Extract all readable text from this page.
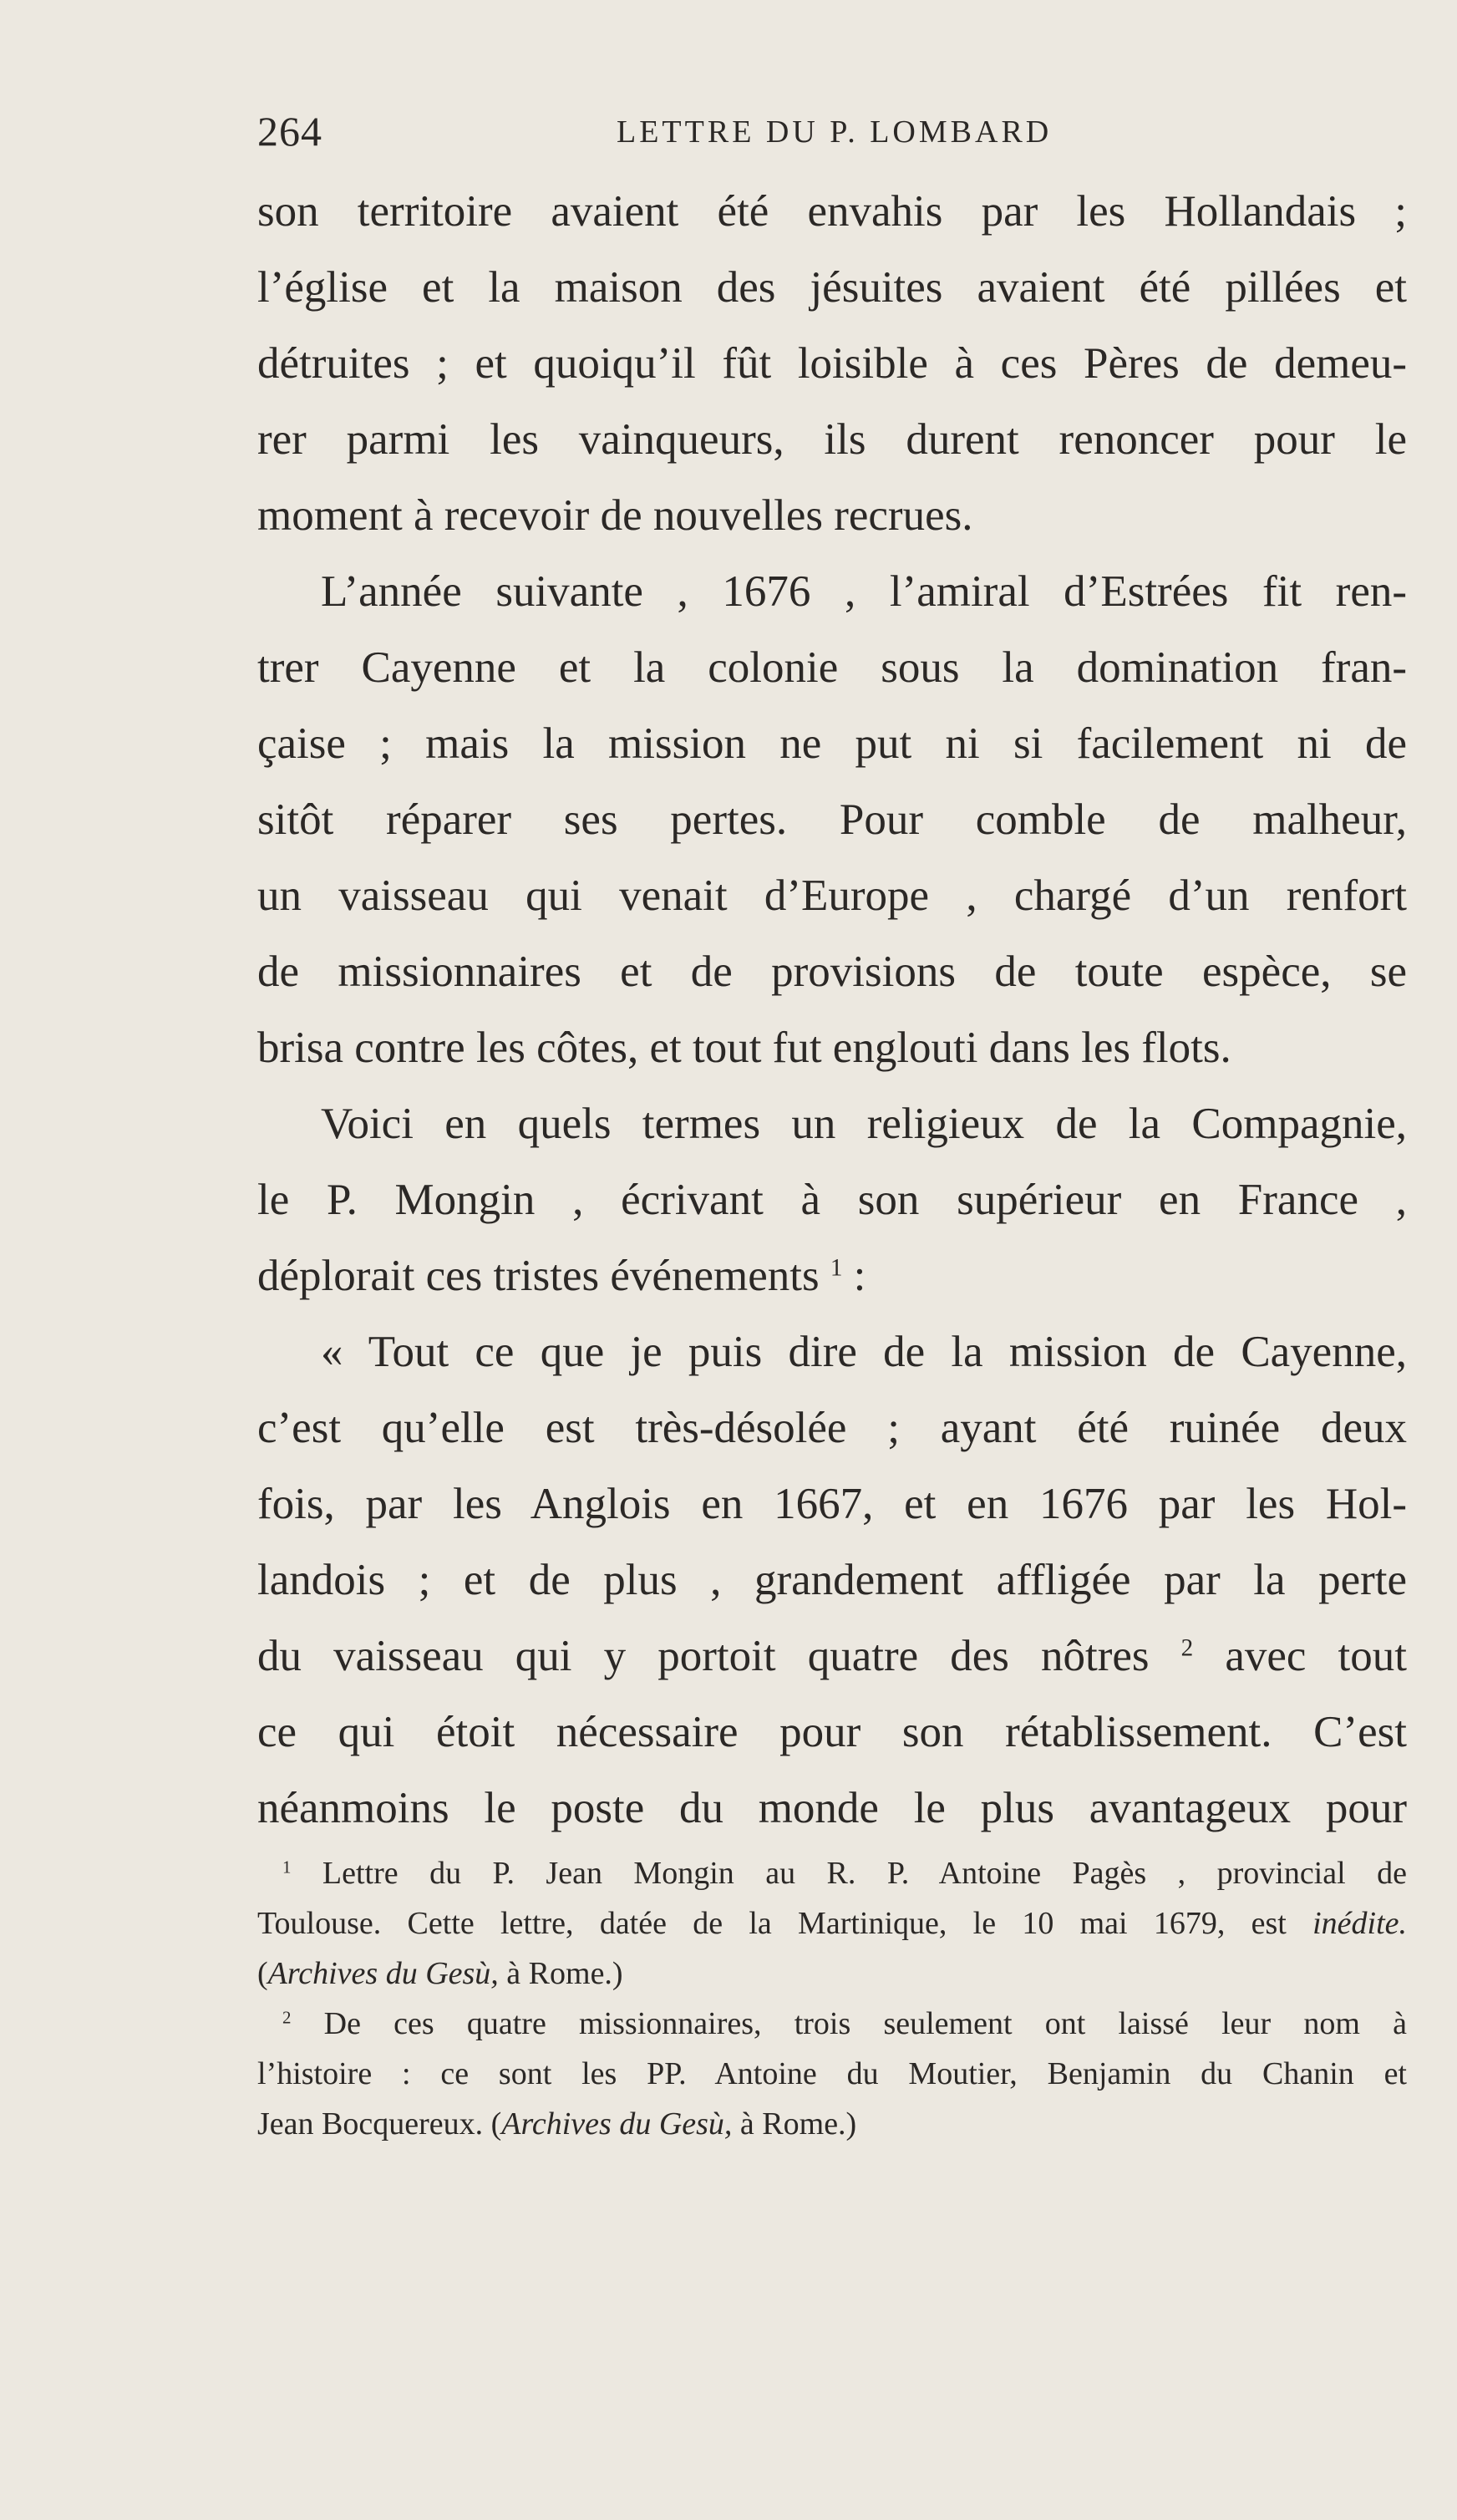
264	LETTRE DU P. LOMBARD
son territoire avaient été envahis par les Hollandais ;
l’église et la maison des jésuites avaient été pillées et
détruites ; et quoiqu’il fût loisible à ces Pères de demeu-
rer parmi les vainqueurs, ils durent renoncer pour le
moment à recevoir de nouvelles recrues.
L’année suivante , 1676 , l’amiral d’Estrées fit ren-
trer Cayenne et la colonie sous la domination fran-
çaise ; mais la mission ne put ni si facilement ni de
sitôt réparer ses pertes. Pour comble de malheur,
un vaisseau qui venait d’Europe , chargé d’un renfort
de missionnaires et de provisions de toute espèce, se
brisa contre les côtes, et tout fut englouti dans les flots.
Voici en quels termes un religieux de la Compagnie,
le P. Mongin , écrivant à son supérieur en France ,
déplorait ces tristes événements $^1$ :
« Tout ce que je puis dire de la mission de Cayenne,
c’est qu’elle est très-désolée ; ayant été ruinée deux
fois, par les Anglois en 1667, et en 1676 par les Hol-
landois ; et de plus , grandement affligée par la perte
du vaisseau qui y portoit quatre des nôtres $^2$ avec tout
ce qui étoit nécessaire pour son rétablissement. C’est
néanmoins le poste du monde le plus avantageux pour
$^1$ Lettre du P. Jean Mongin au R. P. Antoine Pagès , provincial de
Toulouse. Cette lettre, datée de la Martinique, le 10 mai 1679, est inédite.
(Archives du Gesù, à Rome.)
$^2$ De ces quatre missionnaires, trois seulement ont laissé leur nom à
l’histoire : ce sont les PP. Antoine du Moutier, Benjamin du Chanin et
Jean Bocquereux. (Archives du Gesù, à Rome.)
